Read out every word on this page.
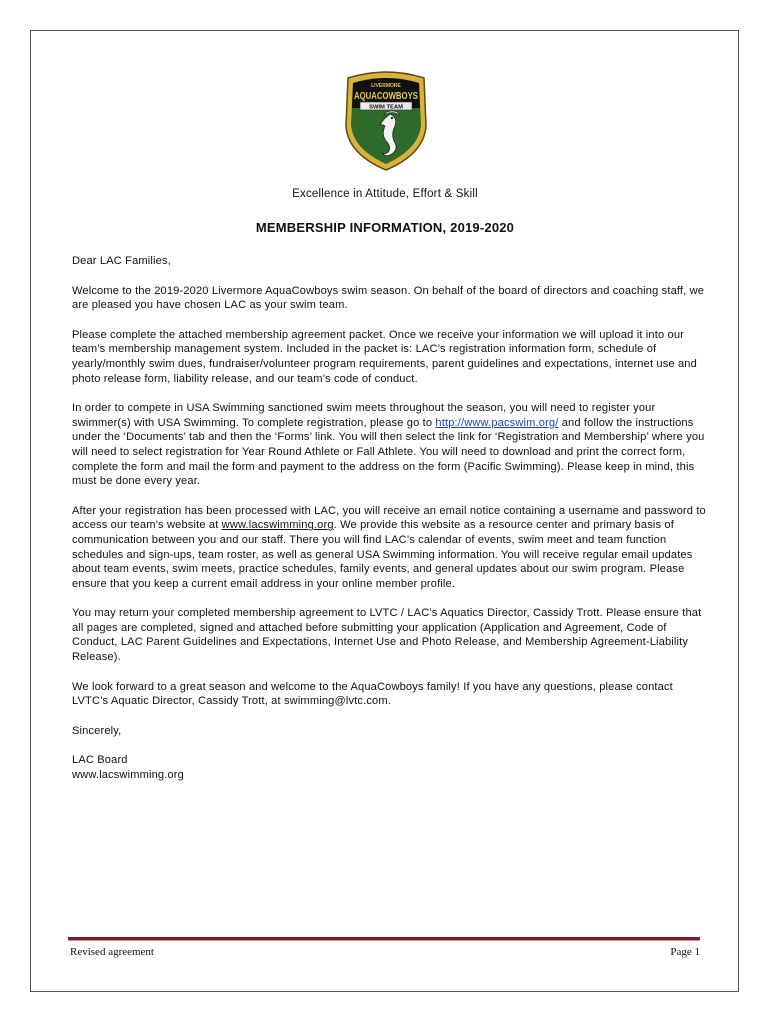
LIVERMORE
AQUACOWBOYS
SWIM TEAM
Excellence in Attitude, Effort & Skill
MEMBERSHIP INFORMATION, 2019-2020

Dear LAC Families,

Welcome to the 2019-2020 Livermore AquaCowboys swim season. On behalf of the board of directors and coaching staff, we are pleased you have chosen LAC as your swim team.

Please complete the attached membership agreement packet. Once we receive your information we will upload it into our team’s membership management system. Included in the packet is: LAC’s registration information form, schedule of yearly/monthly swim dues, fundraiser/volunteer program requirements, parent guidelines and expectations, internet use and photo release form, liability release, and our team’s code of conduct.

In order to compete in USA Swimming sanctioned swim meets throughout the season, you will need to register your swimmer(s) with USA Swimming. To complete registration, please go to http://www.pacswim.org/ and follow the instructions under the ‘Documents’ tab and then the ‘Forms’ link. You will then select the link for ‘Registration and Membership’ where you will need to select registration for Year Round Athlete or Fall Athlete. You will need to download and print the correct form, complete the form and mail the form and payment to the address on the form (Pacific Swimming). Please keep in mind, this must be done every year.

After your registration has been processed with LAC, you will receive an email notice containing a username and password to access our team’s website at www.lacswimming.org. We provide this website as a resource center and primary basis of communication between you and our staff. There you will find LAC’s calendar of events, swim meet and team function schedules and sign-ups, team roster, as well as general USA Swimming information. You will receive regular email updates about team events, swim meets, practice schedules, family events, and general updates about our swim program. Please ensure that you keep a current email address in your online member profile.

You may return your completed membership agreement to LVTC / LAC’s Aquatics Director, Cassidy Trott. Please ensure that all pages are completed, signed and attached before submitting your application (Application and Agreement, Code of Conduct, LAC Parent Guidelines and Expectations, Internet Use and Photo Release, and Membership Agreement-Liability Release).

We look forward to a great season and welcome to the AquaCowboys family! If you have any questions, please contact LVTC’s Aquatic Director, Cassidy Trott, at swimming@lvtc.com.

Sincerely,

LAC Board
www.lacswimming.org
Revised agreement	Page 1
